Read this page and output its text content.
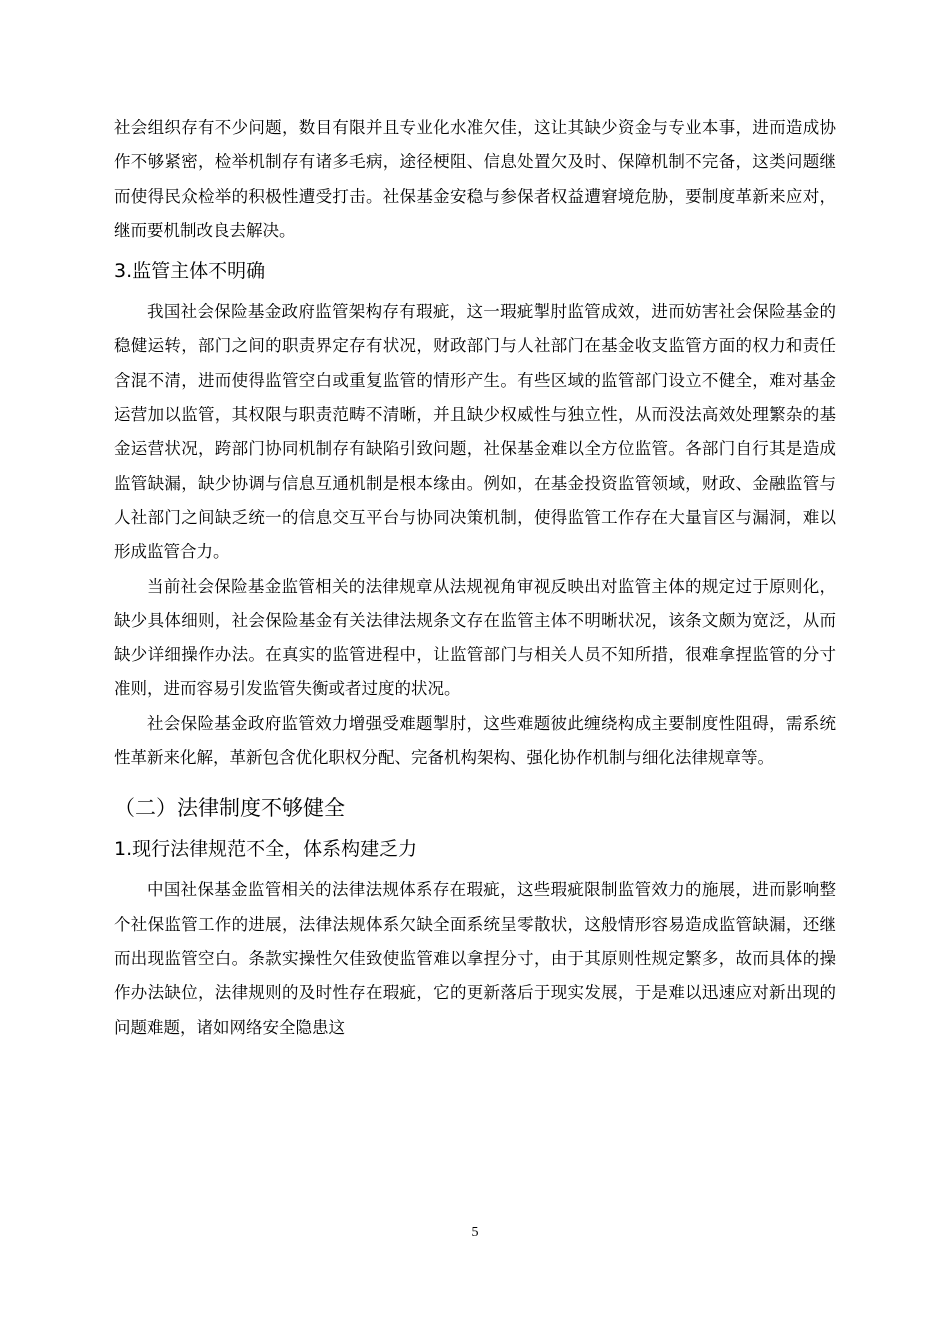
社会组织存有不少问题，数目有限并且专业化水准欠佳，这让其缺少资金与专业本事，进而造成协作不够紧密，检举机制存有诸多毛病，途径梗阻、信息处置欠及时、保障机制不完备，这类问题继而使得民众检举的积极性遭受打击。社保基金安稳与参保者权益遭窘境危胁，要制度革新来应对，继而要机制改良去解决。

3.监管主体不明确

我国社会保险基金政府监管架构存有瑕疵，这一瑕疵掣肘监管成效，进而妨害社会保险基金的稳健运转，部门之间的职责界定存有状况，财政部门与人社部门在基金收支监管方面的权力和责任含混不清，进而使得监管空白或重复监管的情形产生。有些区域的监管部门设立不健全，难对基金运营加以监管，其权限与职责范畴不清晰，并且缺少权威性与独立性，从而没法高效处理繁杂的基金运营状况，跨部门协同机制存有缺陷引致问题，社保基金难以全方位监管。各部门自行其是造成监管缺漏，缺少协调与信息互通机制是根本缘由。例如，在基金投资监管领域，财政、金融监管与人社部门之间缺乏统一的信息交互平台与协同决策机制，使得监管工作存在大量盲区与漏洞，难以形成监管合力。

当前社会保险基金监管相关的法律规章从法规视角审视反映出对监管主体的规定过于原则化，缺少具体细则，社会保险基金有关法律法规条文存在监管主体不明晰状况，该条文颇为宽泛，从而缺少详细操作办法。在真实的监管进程中，让监管部门与相关人员不知所措，很难拿捏监管的分寸准则，进而容易引发监管失衡或者过度的状况。

社会保险基金政府监管效力增强受难题掣肘，这些难题彼此缠绕构成主要制度性阻碍，需系统性革新来化解，革新包含优化职权分配、完备机构架构、强化协作机制与细化法律规章等。

（二）法律制度不够健全
1.现行法律规范不全，体系构建乏力

中国社保基金监管相关的法律法规体系存在瑕疵，这些瑕疵限制监管效力的施展，进而影响整个社保监管工作的进展，法律法规体系欠缺全面系统呈零散状，这般情形容易造成监管缺漏，还继而出现监管空白。条款实操性欠佳致使监管难以拿捏分寸，由于其原则性规定繁多，故而具体的操作办法缺位，法律规则的及时性存在瑕疵，它的更新落后于现实发展，于是难以迅速应对新出现的问题难题，诸如网络安全隐患这

5
